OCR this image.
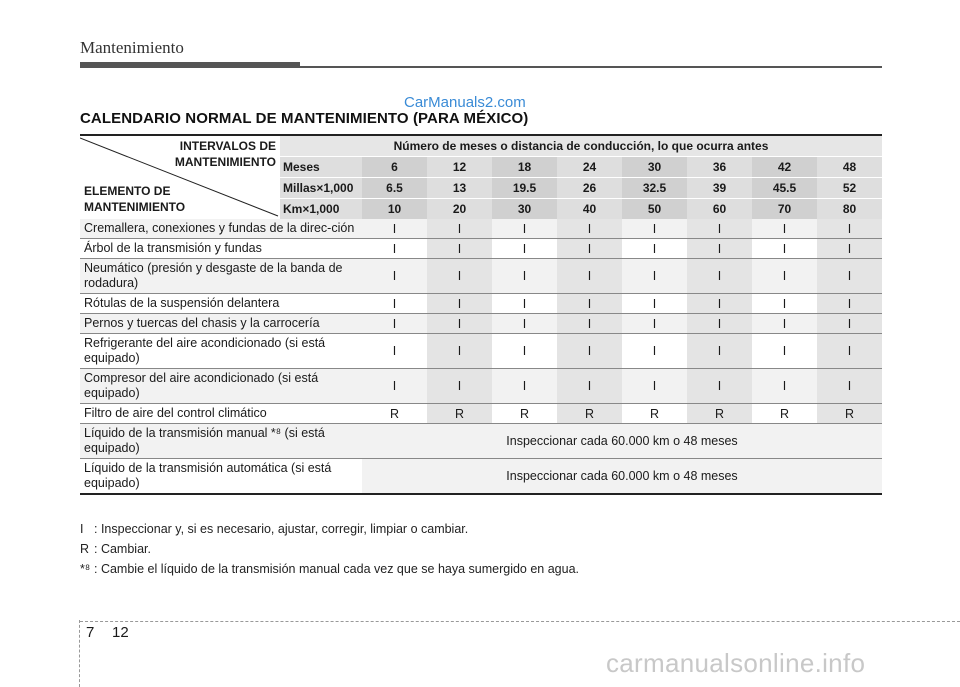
Mantenimiento
CarManuals2.com
CALENDARIO NORMAL DE MANTENIMIENTO (PARA MÉXICO)
INTERVALOS DE
MANTENIMIENTO
ELEMENTO DE
MANTENIMIENTO	Número de meses o distancia de conducción, lo que ocurra antes								

	Meses	6	12	18	24	30	36	42	48

	Millas×1,000	6.5	13	19.5	26	32.5	39	45.5	52

	Km×1,000	10	20	30	40	50	60	70	80
Cremallera, conexiones y fundas de la direc-ción		I	I	I	I	I	I	I	I
Árbol de la transmisión y fundas		I	I	I	I	I	I	I	I
Neumático (presión y desgaste de la banda de rodadura)		I	I	I	I	I	I	I	I
Rótulas de la suspensión delantera		I	I	I	I	I	I	I	I
Pernos y tuercas del chasis y la carrocería		I	I	I	I	I	I	I	I
Refrigerante del aire acondicionado (si está equipado)		I	I	I	I	I	I	I	I
Compresor del aire acondicionado (si está equipado)		I	I	I	I	I	I	I	I
Filtro de aire del control climático		R	R	R	R	R	R	R	R
Líquido de la transmisión manual *⁸ (si está equipado)		Inspeccionar cada 60.000 km o 48 meses							
Líquido de la transmisión automática (si está equipado)		Inspeccionar cada 60.000 km o 48 meses							
I : Inspeccionar y, si es necesario, ajustar, corregir, limpiar o cambiar.
R : Cambiar.
*⁸ : Cambie el líquido de la transmisión manual cada vez que se haya sumergido en agua.
7 12
carmanualsonline.info
